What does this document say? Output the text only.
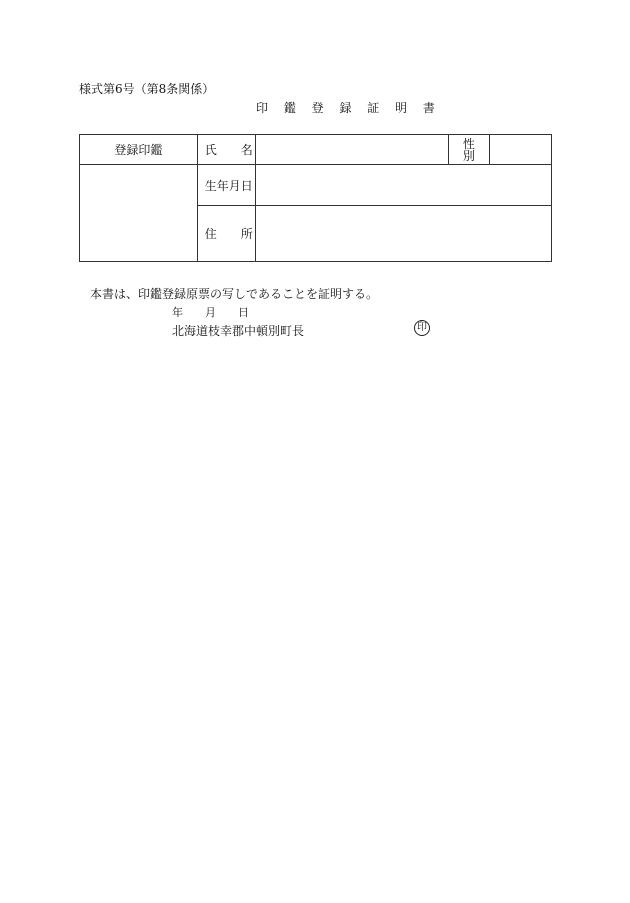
様式第6号（第8条関係）
印 鑑 登 録 証 明 書
登録印鑑	氏　　名		性
別	

	生年月日			
	住　　所			
本書は、印鑑登録原票の写しであることを証明する。
年 月 日
北海道枝幸郡中頓別町長	印
